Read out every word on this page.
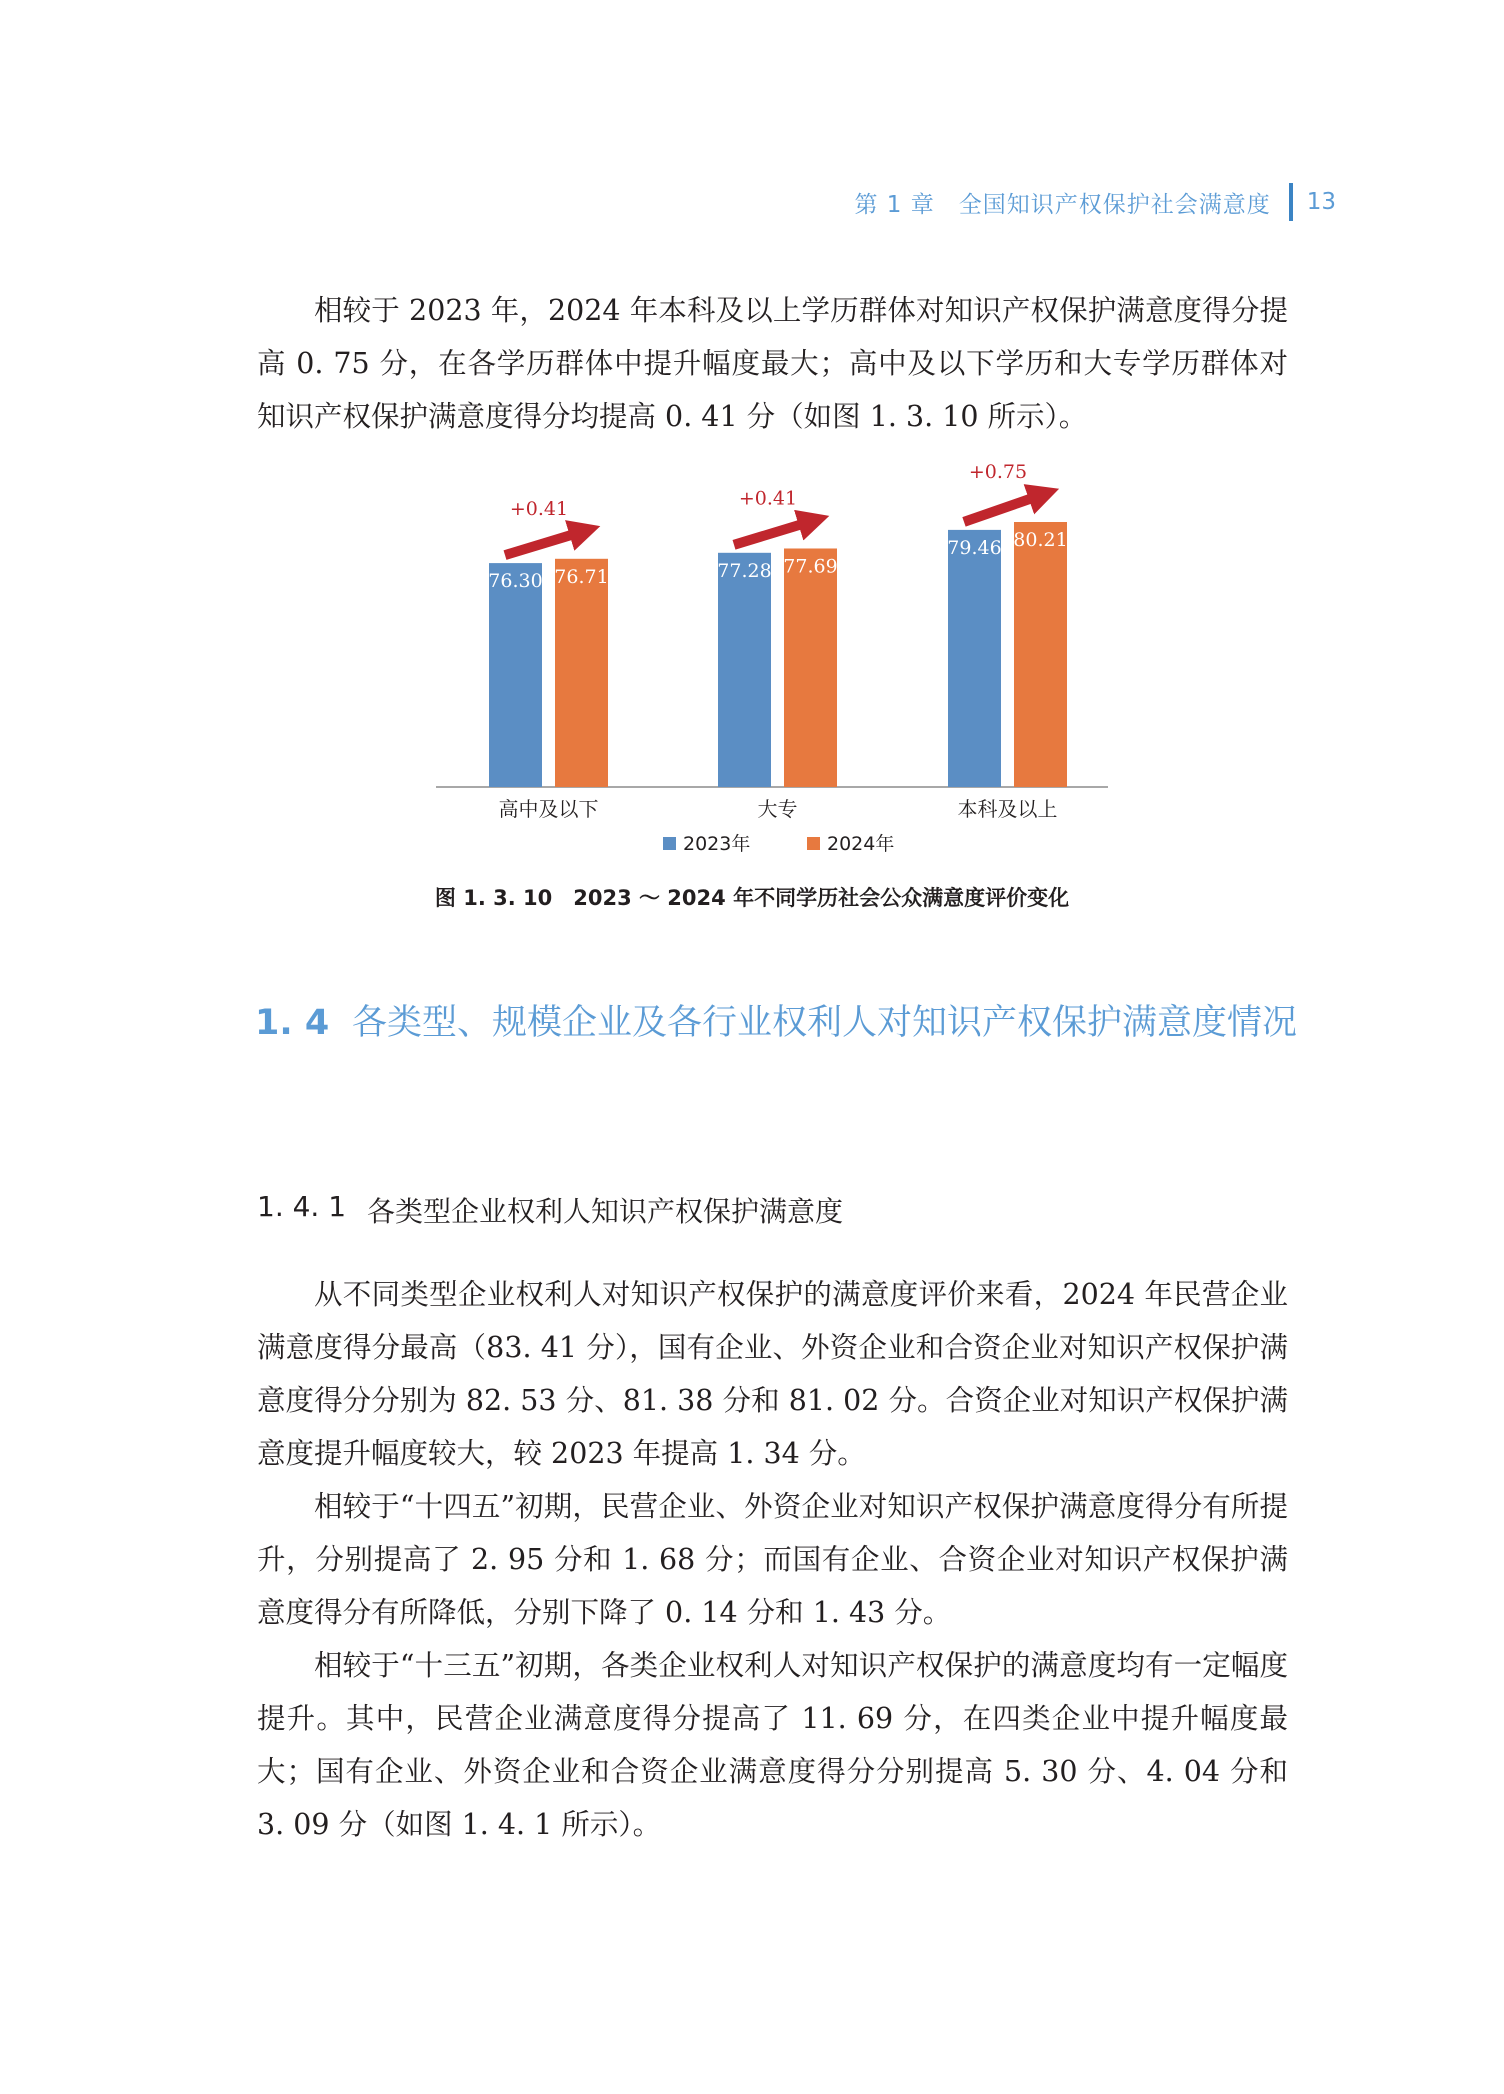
第 1 章　全国知识产权保护社会满意度 13

相较于 2023 年，2024 年本科及以上学历群体对知识产权保护满意度得分提高 0. 75 分，在各学历群体中提升幅度最大；高中及以下学历和大专学历群体对知识产权保护满意度得分均提高 0. 41 分（如图 1. 3. 10 所示）。

76.30 76.71
高中及以下
+0.41
77.28 77.69
大专
+0.41
79.46 80.21
本科及以上
+0.75
2023年	2024年
图 1. 3. 10　2023 ～ 2024 年不同学历社会公众满意度评价变化
1. 4 各类型、规模企业及各行业权利人对知识产权保护满意度情况
1. 4. 1 各类型企业权利人知识产权保护满意度

从不同类型企业权利人对知识产权保护的满意度评价来看，2024 年民营企业满意度得分最高（83. 41 分），国有企业、外资企业和合资企业对知识产权保护满意度得分分别为 82. 53 分、81. 38 分和 81. 02 分。合资企业对知识产权保护满意度提升幅度较大，较 2023 年提高 1. 34 分。

相较于“十四五”初期，民营企业、外资企业对知识产权保护满意度得分有所提升，分别提高了 2. 95 分和 1. 68 分；而国有企业、合资企业对知识产权保护满意度得分有所降低，分别下降了 0. 14 分和 1. 43 分。

相较于“十三五”初期，各类企业权利人对知识产权保护的满意度均有一定幅度提升。其中，民营企业满意度得分提高了 11. 69 分，在四类企业中提升幅度最大；国有企业、外资企业和合资企业满意度得分分别提高 5. 30 分、4. 04 分和 3. 09 分（如图 1. 4. 1 所示）。
